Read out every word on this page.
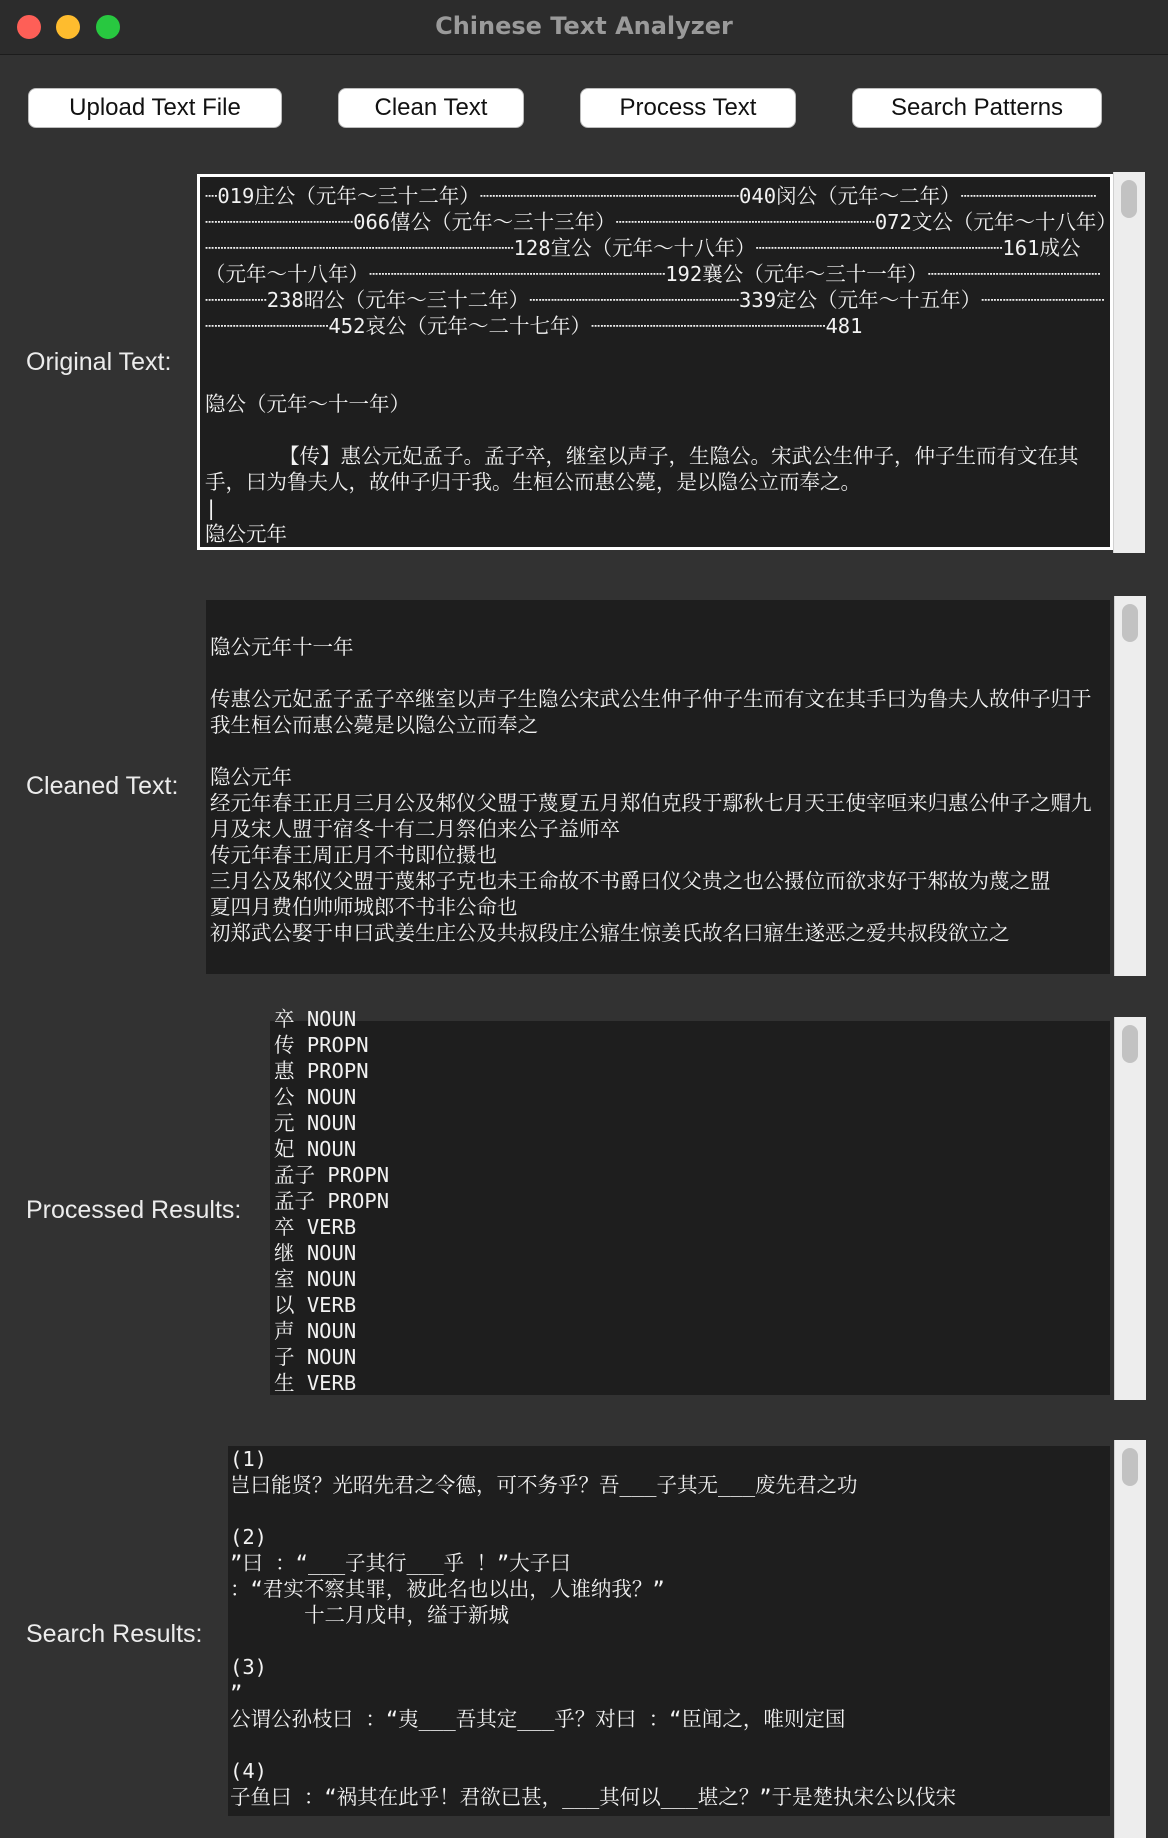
Chinese Text Analyzer
Upload Text File	Clean Text	Process Text	Search Patterns
Original Text:
┈019庄公（元年～三十二年）┈┈┈┈┈┈┈┈┈┈┈┈┈┈┈┈┈┈┈┈┈040闵公（元年～二年）┈┈┈┈┈┈┈┈┈┈┈┈┈┈┈┈┈┈┈┈┈┈┈066僖公（元年～三十三年）┈┈┈┈┈┈┈┈┈┈┈┈┈┈┈┈┈┈┈┈┈072文公（元年～十八年）┈┈┈┈┈┈┈┈┈┈┈┈┈┈┈┈┈┈┈┈┈┈┈┈┈128宣公（元年～十八年）┈┈┈┈┈┈┈┈┈┈┈┈┈┈┈┈┈┈┈┈161成公（元年～十八年）┈┈┈┈┈┈┈┈┈┈┈┈┈┈┈┈┈┈┈┈┈┈┈┈192襄公（元年～三十一年）┈┈┈┈┈┈┈┈┈┈┈┈┈┈┈┈┈┈┈238昭公（元年～三十二年）┈┈┈┈┈┈┈┈┈┈┈┈┈┈┈┈┈339定公（元年～十五年）┈┈┈┈┈┈┈┈┈┈┈┈┈┈┈┈┈┈┈┈452哀公（元年～二十七年）┈┈┈┈┈┈┈┈┈┈┈┈┈┈┈┈┈┈┈481

隐公（元年～十一年）

【传】惠公元妃孟子。孟子卒，继室以声子，生隐公。宋武公生仲子，仲子生而有文在其手，曰为鲁夫人，故仲子归于我。生桓公而惠公薨，是以隐公立而奉之。
|
隐公元年
Cleaned Text:
隐公元年十一年

传惠公元妃孟子孟子卒继室以声子生隐公宋武公生仲子仲子生而有文在其手曰为鲁夫人故仲子归于我生桓公而惠公薨是以隐公立而奉之

隐公元年
经元年春王正月三月公及邾仪父盟于蔑夏五月郑伯克段于鄢秋七月天王使宰咺来归惠公仲子之赗九月及宋人盟于宿冬十有二月祭伯来公子益师卒
传元年春王周正月不书即位摄也
三月公及邾仪父盟于蔑邾子克也未王命故不书爵曰仪父贵之也公摄位而欲求好于邾故为蔑之盟
夏四月费伯帅师城郎不书非公命也
初郑武公娶于申曰武姜生庄公及共叔段庄公寤生惊姜氏故名曰寤生遂恶之爱共叔段欲立之
Processed Results:
卒 NOUN
传 PROPN
惠 PROPN
公 NOUN
元 NOUN
妃 NOUN
孟子 PROPN
孟子 PROPN
卒 VERB
继 NOUN
室 NOUN
以 VERB
声 NOUN
子 NOUN
生 VERB
Search Results:
(1)
岂曰能贤？光昭先君之令德，可不务乎？吾___子其无___废先君之功

(2)
”曰 ：“___子其行___乎 ！”大子曰
：“君实不察其罪，被此名也以出，人谁纳我？”
十二月戊申，缢于新城

(3)
”
公谓公孙枝曰 ：“夷___吾其定___乎？对曰 ：“臣闻之，唯则定国

(4)
子鱼曰 ：“祸其在此乎！君欲已甚，___其何以___堪之？”于是楚执宋公以伐宋
